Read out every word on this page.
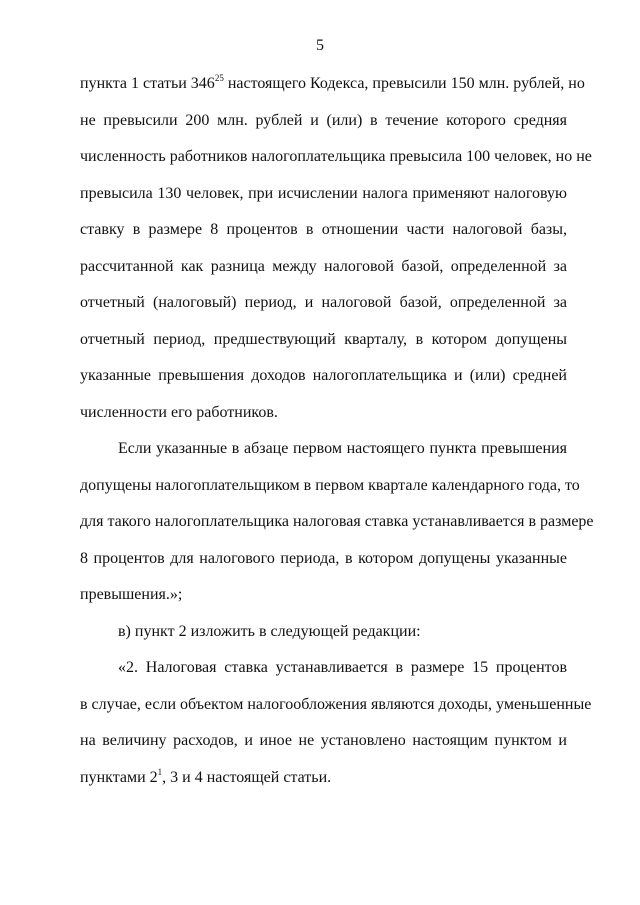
5
пункта 1 статьи $346^{25}$ настоящего Кодекса, превысили 150 млн. рублей, но
не превысили 200 млн. рублей и (или) в течение которого средняя
численность работников налогоплательщика превысила 100 человек, но не
превысила 130 человек, при исчислении налога применяют налоговую
ставку в размере 8 процентов в отношении части налоговой базы,
рассчитанной как разница между налоговой базой, определенной за
отчетный (налоговый) период, и налоговой базой, определенной за
отчетный период, предшествующий кварталу, в котором допущены
указанные превышения доходов налогоплательщика и (или) средней
численности его работников.
Если указанные в абзаце первом настоящего пункта превышения
допущены налогоплательщиком в первом квартале календарного года, то
для такого налогоплательщика налоговая ставка устанавливается в размере
8 процентов для налогового периода, в котором допущены указанные
превышения.»;
в) пункт 2 изложить в следующей редакции:
«2. Налоговая ставка устанавливается в размере 15 процентов
в случае, если объектом налогообложения являются доходы, уменьшенные
на величину расходов, и иное не установлено настоящим пунктом и
пунктами $2^1$, 3 и 4 настоящей статьи.
